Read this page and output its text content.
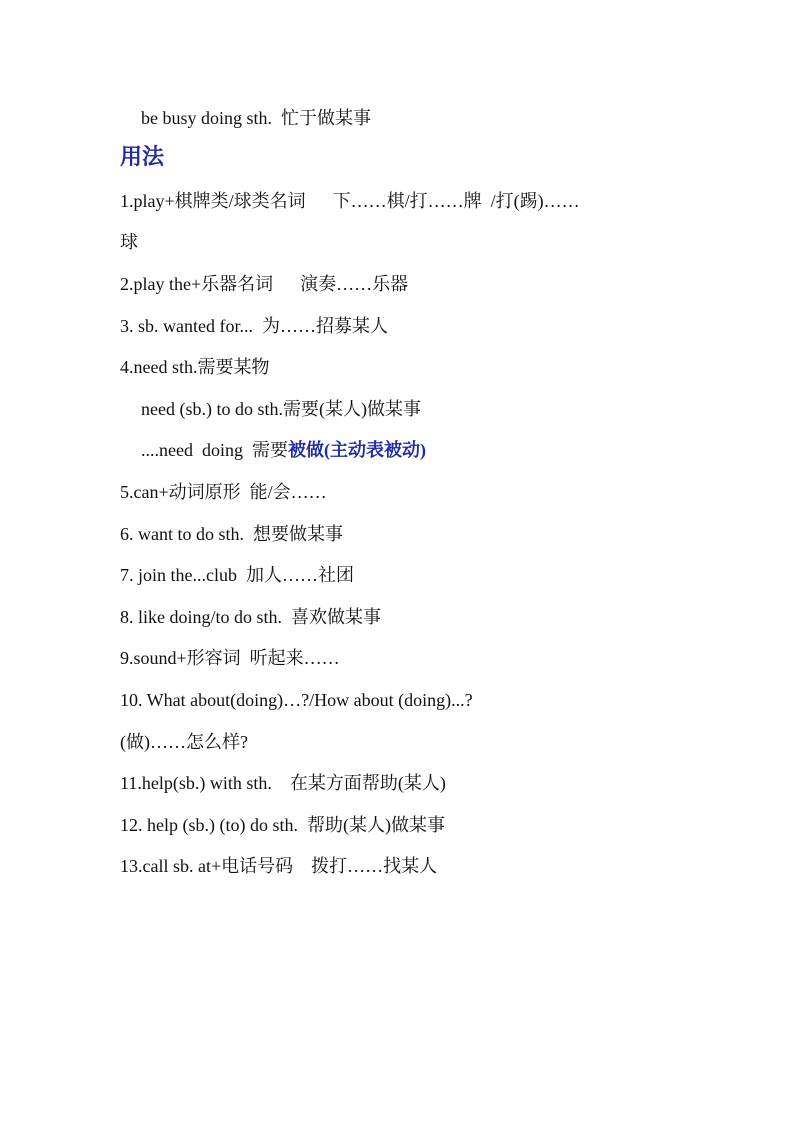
be busy doing sth.  忙于做某事
用法
1.play+棋牌类/球类名词      下……棋/打……牌  /打(踢)……
球
2.play the+乐器名词      演奏……乐器
3. sb. wanted for...  为……招募某人
4.need sth.需要某物
need (sb.) to do sth.需要(某人)做某事
....need  doing  需要被做(主动表被动)
5.can+动词原形  能/会……
6. want to do sth.  想要做某事
7. join the...club  加人……社团
8. like doing/to do sth.  喜欢做某事
9.sound+形容词  听起来……
10. What about(doing)…?/How about (doing)...?
(做)……怎么样?
11.help(sb.) with sth.    在某方面帮助(某人)
12. help (sb.) (to) do sth.  帮助(某人)做某事
13.call sb. at+电话号码    拨打……找某人
